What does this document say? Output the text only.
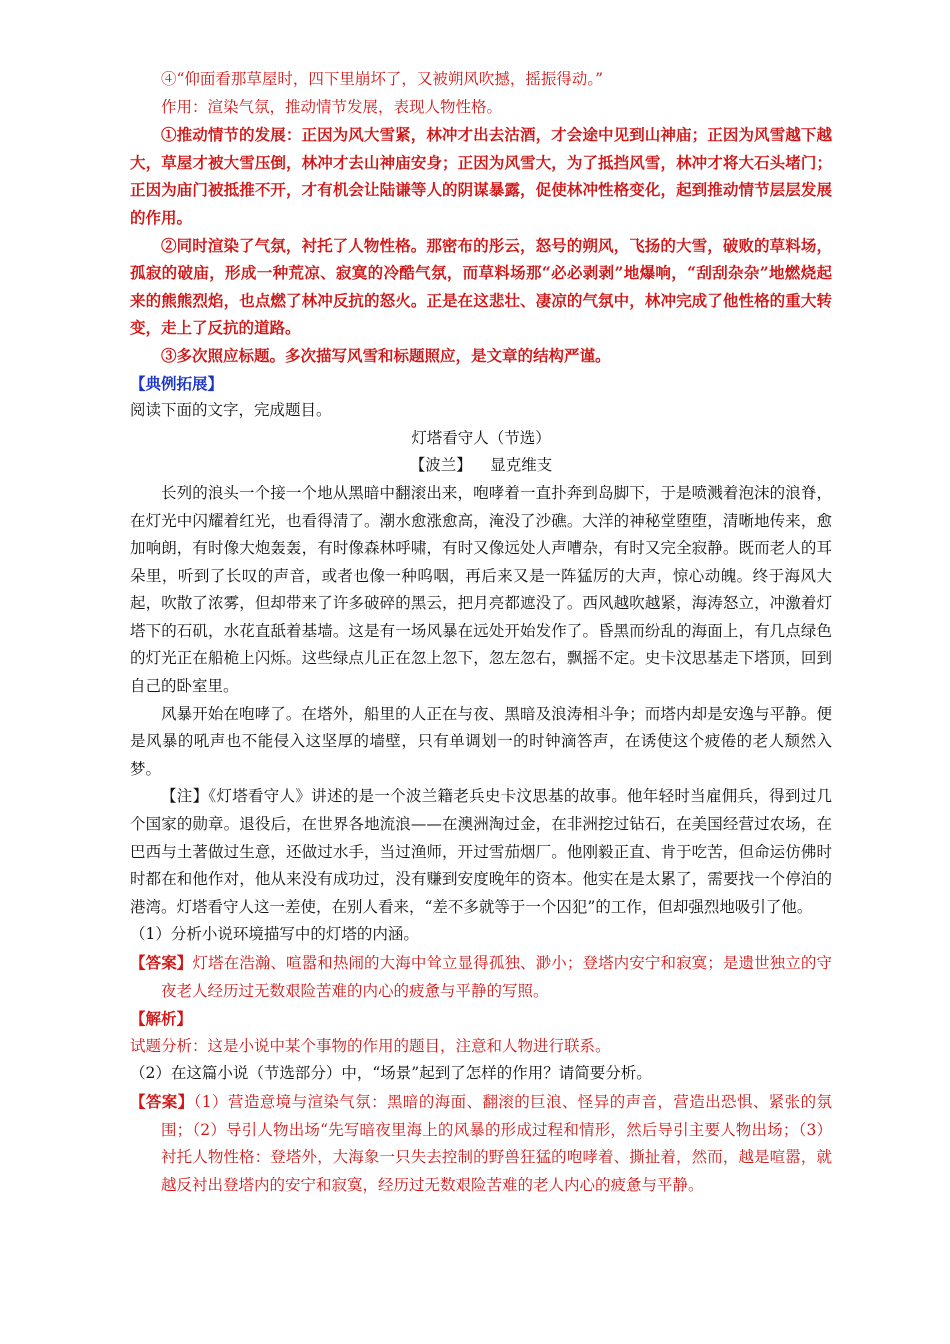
④“仰面看那草屋时，四下里崩坏了，又被朔风吹撼，摇振得动。”

作用：渲染气氛，推动情节发展，表现人物性格。

①推动情节的发展：正因为风大雪紧，林冲才出去沽酒，才会途中见到山神庙；正因为风雪越下越大，草屋才被大雪压倒，林冲才去山神庙安身；正因为风雪大，为了抵挡风雪，林冲才将大石头堵门；正因为庙门被抵推不开，才有机会让陆谦等人的阴谋暴露，促使林冲性格变化，起到推动情节层层发展的作用。

②同时渲染了气氛，衬托了人物性格。那密布的彤云，怒号的朔风，飞扬的大雪，破败的草料场，孤寂的破庙，形成一种荒凉、寂寞的冷酷气氛，而草料场那“必必剥剥”地爆响，“刮刮杂杂”地燃烧起来的熊熊烈焰，也点燃了林冲反抗的怒火。正是在这悲壮、凄凉的气氛中，林冲完成了他性格的重大转变，走上了反抗的道路。

③多次照应标题。多次描写风雪和标题照应，是文章的结构严谨。

【典例拓展】

阅读下面的文字，完成题目。

灯塔看守人（节选）

【波兰】 显克维支

长列的浪头一个接一个地从黑暗中翻滚出来，咆哮着一直扑奔到岛脚下，于是喷溅着泡沫的浪脊，在灯光中闪耀着红光，也看得清了。潮水愈涨愈高，淹没了沙礁。大洋的神秘堂堕堕，清晰地传来，愈加响朗，有时像大炮轰轰，有时像森林呼啸，有时又像远处人声嘈杂，有时又完全寂静。既而老人的耳朵里，听到了长叹的声音，或者也像一种呜咽，再后来又是一阵猛厉的大声，惊心动魄。终于海风大起，吹散了浓雾，但却带来了许多破碎的黑云，把月亮都遮没了。西风越吹越紧，海涛怒立，冲激着灯塔下的石矶，水花直舐着基墙。这是有一场风暴在远处开始发作了。昏黑而纷乱的海面上，有几点绿色的灯光正在船桅上闪烁。这些绿点儿正在忽上忽下，忽左忽右，飘摇不定。史卡汶思基走下塔顶，回到自己的卧室里。

风暴开始在咆哮了。在塔外，船里的人正在与夜、黑暗及浪涛相斗争；而塔内却是安逸与平静。便是风暴的吼声也不能侵入这坚厚的墙壁，只有单调划一的时钟滴答声，在诱使这个疲倦的老人颓然入梦。

【注】《灯塔看守人》讲述的是一个波兰籍老兵史卡汶思基的故事。他年轻时当雇佣兵，得到过几个国家的勋章。退役后，在世界各地流浪——在澳洲淘过金，在非洲挖过钻石，在美国经营过农场，在巴西与土著做过生意，还做过水手，当过渔师，开过雪茄烟厂。他刚毅正直、肯于吃苦，但命运仿佛时时都在和他作对，他从来没有成功过，没有赚到安度晚年的资本。他实在是太累了，需要找一个停泊的港湾。灯塔看守人这一差使，在别人看来，“差不多就等于一个囚犯”的工作，但却强烈地吸引了他。

（1）分析小说环境描写中的灯塔的内涵。

【答案】灯塔在浩瀚、喧嚣和热闹的大海中耸立显得孤独、渺小；登塔内安宁和寂寞；是遗世独立的守夜老人经历过无数艰险苦难的内心的疲惫与平静的写照。

【解析】

试题分析：这是小说中某个事物的作用的题目，注意和人物进行联系。

（2）在这篇小说（节选部分）中，“场景”起到了怎样的作用？请简要分析。

【答案】（1）营造意境与渲染气氛：黑暗的海面、翻滚的巨浪、怪异的声音，营造出恐惧、紧张的氛围；（2）导引人物出场“先写暗夜里海上的风暴的形成过程和情形，然后导引主要人物出场；（3）衬托人物性格：登塔外，大海象一只失去控制的野兽狂猛的咆哮着、撕扯着，然而，越是喧嚣，就越反衬出登塔内的安宁和寂寞，经历过无数艰险苦难的老人内心的疲惫与平静。
